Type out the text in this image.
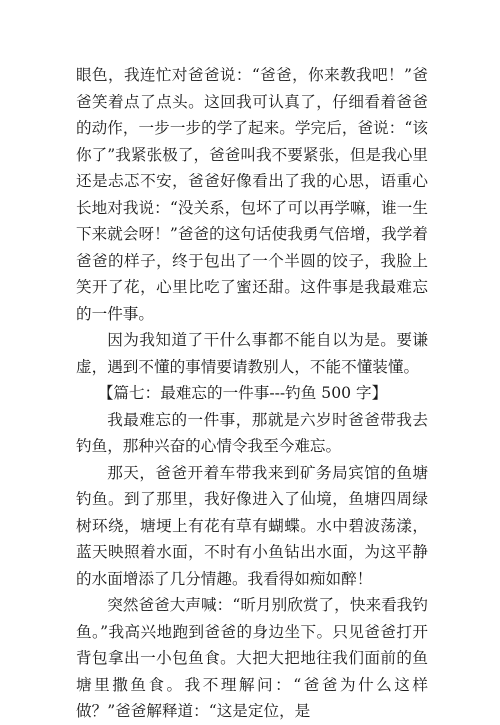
眼色，我连忙对爸爸说：“爸爸，你来教我吧！”爸爸笑着点了点头。这回我可认真了，仔细看着爸爸的动作，一步一步的学了起来。学完后，爸说：“该你了”我紧张极了，爸爸叫我不要紧张，但是我心里还是忐忑不安，爸爸好像看出了我的心思，语重心长地对我说：“没关系，包坏了可以再学嘛，谁一生下来就会呀！”爸爸的这句话使我勇气倍增，我学着爸爸的样子，终于包出了一个半圆的饺子，我脸上笑开了花，心里比吃了蜜还甜。这件事是我最难忘的一件事。

因为我知道了干什么事都不能自以为是。要谦虚，遇到不懂的事情要请教别人，不能不懂装懂。

【篇七：最难忘的一件事---钓鱼 500 字】

我最难忘的一件事，那就是六岁时爸爸带我去钓鱼，那种兴奋的心情令我至今难忘。

那天，爸爸开着车带我来到矿务局宾馆的鱼塘钓鱼。到了那里，我好像进入了仙境，鱼塘四周绿树环绕，塘埂上有花有草有蝴蝶。水中碧波荡漾，蓝天映照着水面，不时有小鱼钻出水面，为这平静的水面增添了几分情趣。我看得如痴如醉！

突然爸爸大声喊：“昕月别欣赏了，快来看我钓鱼。”我高兴地跑到爸爸的身边坐下。只见爸爸打开背包拿出一小包鱼食。大把大把地往我们面前的鱼塘里撒鱼食。我不理解问：“爸爸为什么这样做？”爸爸解释道：“这是定位，是
